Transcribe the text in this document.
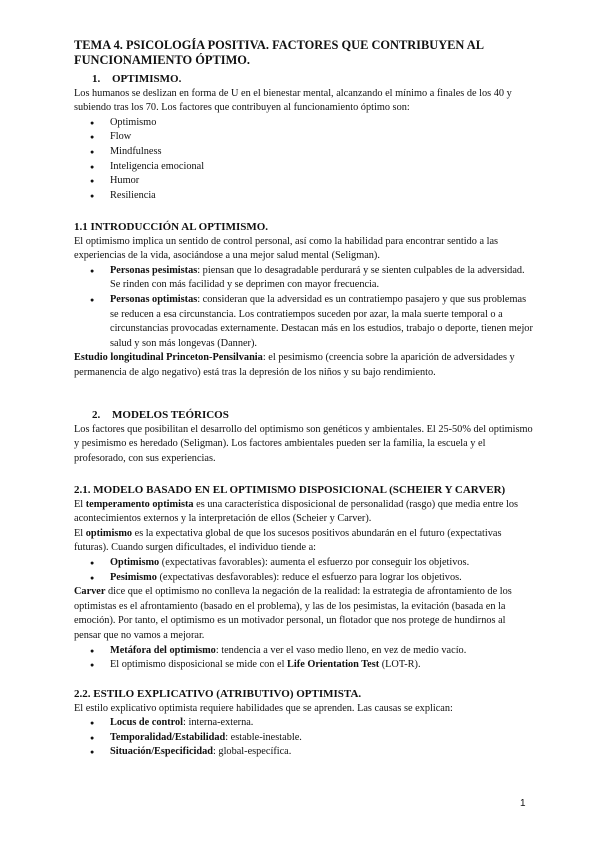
TEMA 4. PSICOLOGÍA POSITIVA. FACTORES QUE CONTRIBUYEN AL FUNCIONAMIENTO ÓPTIMO.
1. OPTIMISMO.

Los humanos se deslizan en forma de U en el bienestar mental, alcanzando el mínimo a finales de los 40 y subiendo tras los 70. Los factores que contribuyen al funcionamiento óptimo son:

● Optimismo
● Flow
● Mindfulness
● Inteligencia emocional
● Humor
● Resiliencia
1.1 INTRODUCCIÓN AL OPTIMISMO.

El optimismo implica un sentido de control personal, así como la habilidad para encontrar sentido a las experiencias de la vida, asociándose a una mejor salud mental (Seligman).

● Personas pesimistas: piensan que lo desagradable perdurará y se sienten culpables de la adversidad. Se rinden con más facilidad y se deprimen con mayor frecuencia.
● Personas optimistas: consideran que la adversidad es un contratiempo pasajero y que sus problemas se reducen a esa circunstancia. Los contratiempos suceden por azar, la mala suerte temporal o a circunstancias provocadas externamente. Destacan más en los estudios, trabajo o deporte, tienen mejor salud y son más longevas (Danner).

Estudio longitudinal Princeton-Pensilvania: el pesimismo (creencia sobre la aparición de adversidades y permanencia de algo negativo) está tras la depresión de los niños y su bajo rendimiento.

2. MODELOS TEÓRICOS

Los factores que posibilitan el desarrollo del optimismo son genéticos y ambientales. El 25-50% del optimismo y pesimismo es heredado (Seligman). Los factores ambientales pueden ser la familia, la escuela y el profesorado, con sus experiencias.

2.1. MODELO BASADO EN EL OPTIMISMO DISPOSICIONAL (SCHEIER Y CARVER)

El temperamento optimista es una característica disposicional de personalidad (rasgo) que media entre los acontecimientos externos y la interpretación de ellos (Scheier y Carver).

El optimismo es la expectativa global de que los sucesos positivos abundarán en el futuro (expectativas futuras). Cuando surgen dificultades, el individuo tiende a:

● Optimismo (expectativas favorables): aumenta el esfuerzo por conseguir los objetivos.
● Pesimismo (expectativas desfavorables): reduce el esfuerzo para lograr los objetivos.

Carver dice que el optimismo no conlleva la negación de la realidad: la estrategia de afrontamiento de los optimistas es el afrontamiento (basado en el problema), y las de los pesimistas, la evitación (basada en la emoción). Por tanto, el optimismo es un motivador personal, un flotador que nos protege de hundirnos al pensar que no vamos a mejorar.

● Metáfora del optimismo: tendencia a ver el vaso medio lleno, en vez de medio vacío.
● El optimismo disposicional se mide con el Life Orientation Test (LOT-R).
2.2. ESTILO EXPLICATIVO (ATRIBUTIVO) OPTIMISTA.

El estilo explicativo optimista requiere habilidades que se aprenden. Las causas se explican:

● Locus de control: interna-externa.
● Temporalidad/Estabilidad: estable-inestable.
● Situación/Especificidad: global-específica.
1
